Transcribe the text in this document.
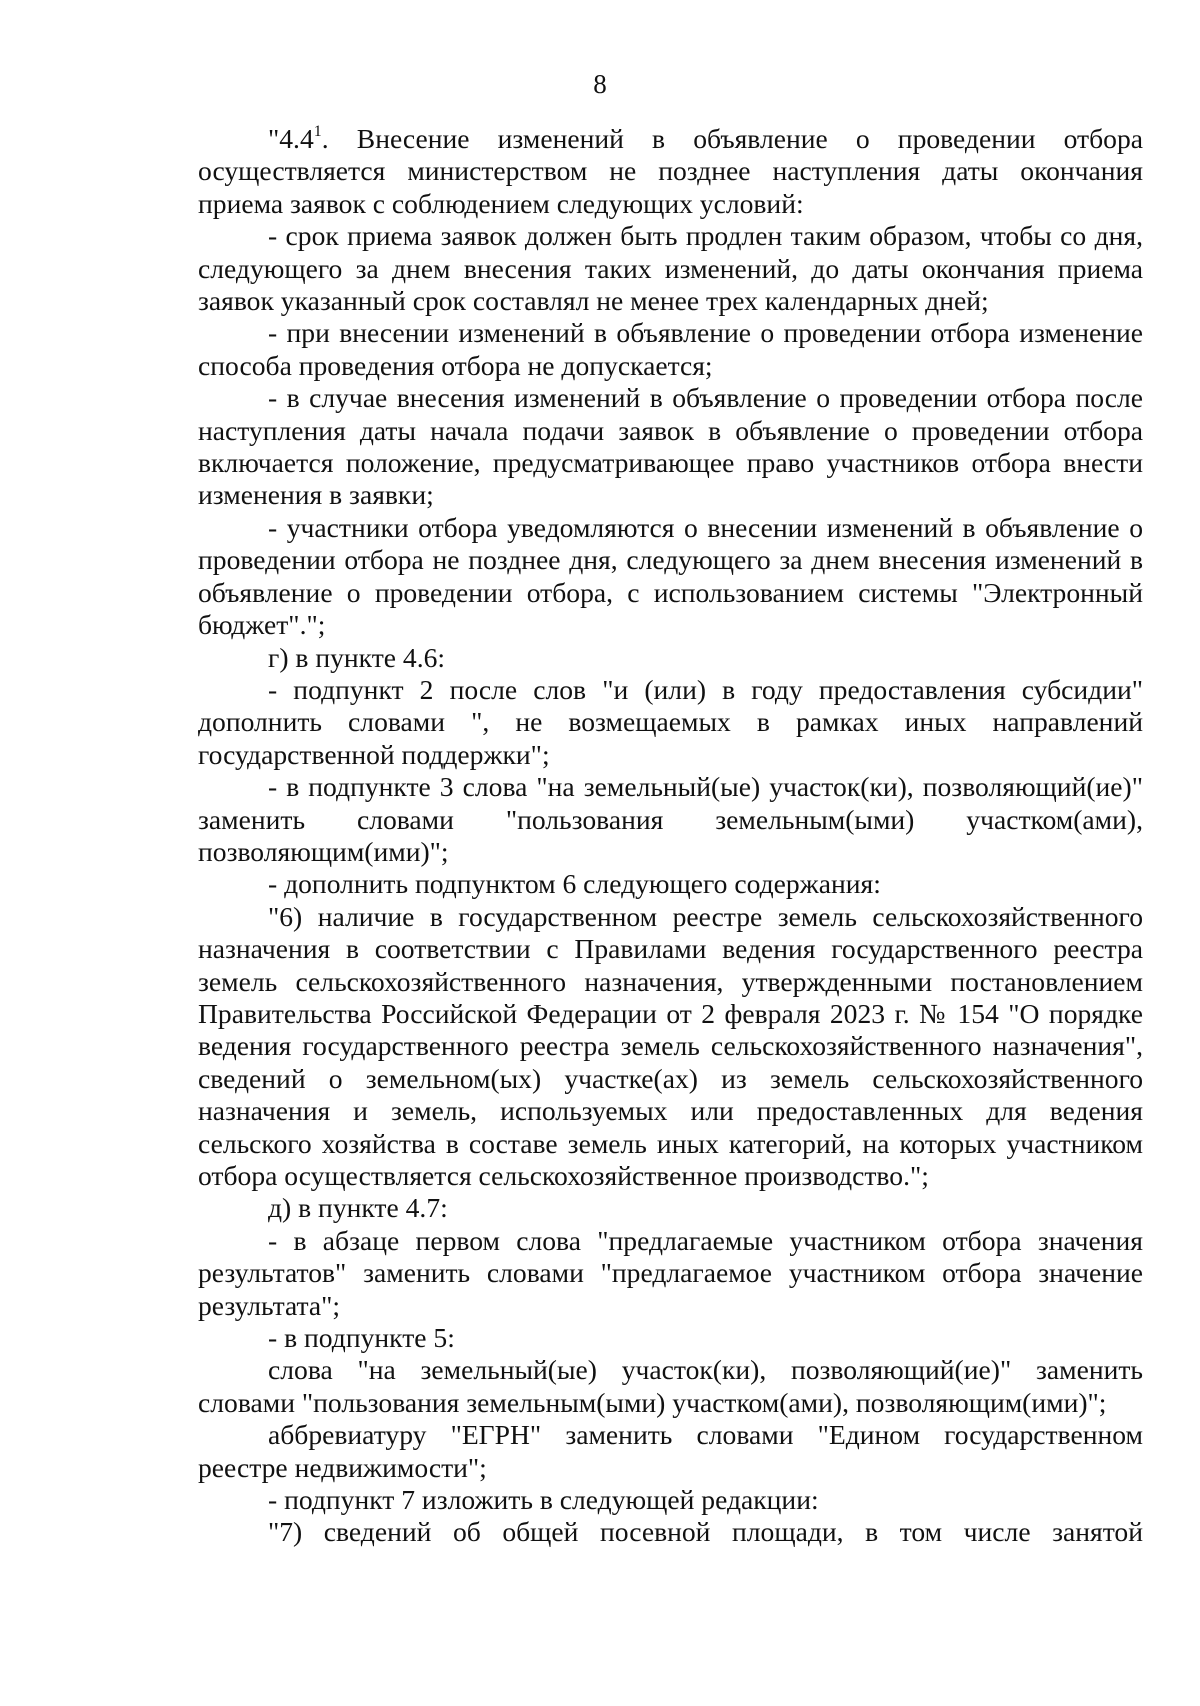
8

"$4.4^1$. Внесение изменений в объявление о проведении отбора осуществляется министерством не позднее наступления даты окончания приема заявок с соблюдением следующих условий:

- срок приема заявок должен быть продлен таким образом, чтобы со дня, следующего за днем внесения таких изменений, до даты окончания приема заявок указанный срок составлял не менее трех календарных дней;

- при внесении изменений в объявление о проведении отбора изменение способа проведения отбора не допускается;

- в случае внесения изменений в объявление о проведении отбора после наступления даты начала подачи заявок в объявление о проведении отбора включается положение, предусматривающее право участников отбора внести изменения в заявки;

- участники отбора уведомляются о внесении изменений в объявление о проведении отбора не позднее дня, следующего за днем внесения изменений в объявление о проведении отбора, с использованием системы "Электронный бюджет".";

г) в пункте 4.6:

- подпункт 2 после слов "и (или) в году предоставления субсидии" дополнить словами ", не возмещаемых в рамках иных направлений государственной поддержки";

- в подпункте 3 слова "на земельный(ые) участок(ки), позволяющий(ие)" заменить словами "пользования земельным(ыми) участком(ами), позволяющим(ими)";

- дополнить подпунктом 6 следующего содержания:

"6) наличие в государственном реестре земель сельскохозяйственного назначения в соответствии с Правилами ведения государственного реестра земель сельскохозяйственного назначения, утвержденными постановлением Правительства Российской Федерации от 2 февраля 2023 г. № 154 "О порядке ведения государственного реестра земель сельскохозяйственного назначения", сведений о земельном(ых) участке(ах) из земель сельскохозяйственного назначения и земель, используемых или предоставленных для ведения сельского хозяйства в составе земель иных категорий, на которых участником отбора осуществляется сельскохозяйственное производство.";

д) в пункте 4.7:

- в абзаце первом слова "предлагаемые участником отбора значения результатов" заменить словами "предлагаемое участником отбора значение результата";

- в подпункте 5:

слова "на земельный(ые) участок(ки), позволяющий(ие)" заменить словами "пользования земельным(ыми) участком(ами), позволяющим(ими)";

аббревиатуру "ЕГРН" заменить словами "Едином государственном реестре недвижимости";

- подпункт 7 изложить в следующей редакции:

"7) сведений об общей посевной площади, в том числе занятой
